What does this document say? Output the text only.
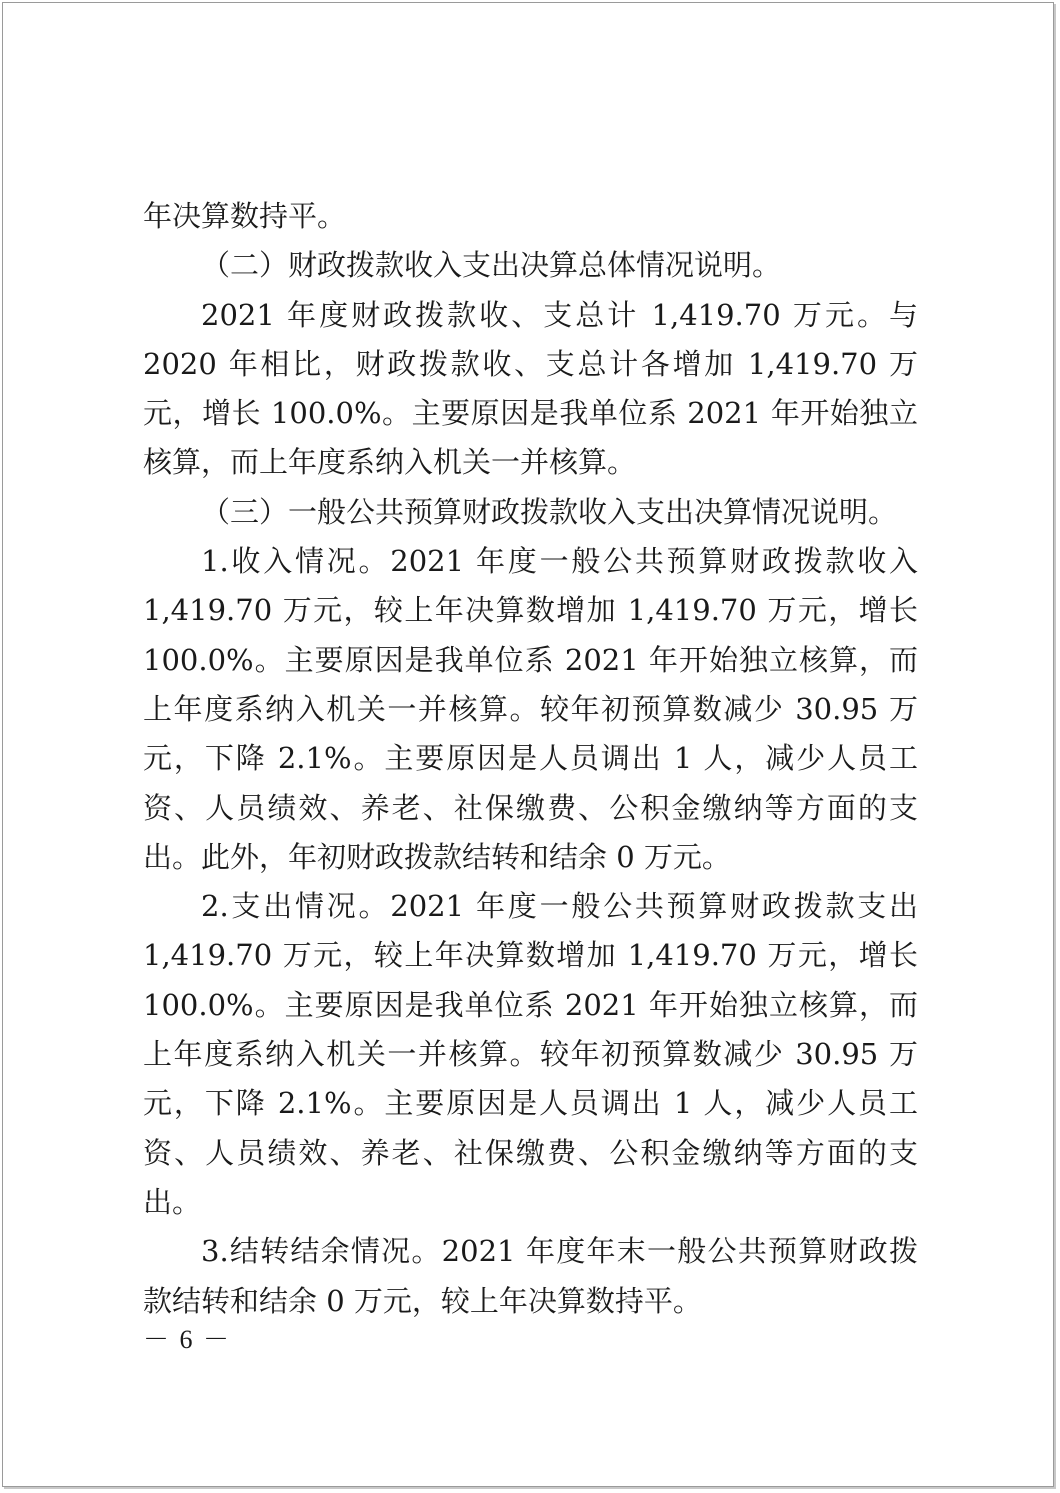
年决算数持平。

（二）财政拨款收入支出决算总体情况说明。

2021 年度财政拨款收、支总计 1,419.70 万元。与 2020 年相比，财政拨款收、支总计各增加 1,419.70 万元，增长 100.0%。主要原因是我单位系 2021 年开始独立核算，而上年度系纳入机关一并核算。

（三）一般公共预算财政拨款收入支出决算情况说明。

1.收入情况。2021 年度一般公共预算财政拨款收入 1,419.70 万元，较上年决算数增加 1,419.70 万元，增长 100.0%。主要原因是我单位系 2021 年开始独立核算，而上年度系纳入机关一并核算。较年初预算数减少 30.95 万元，下降 2.1%。主要原因是人员调出 1 人，减少人员工资、人员绩效、养老、社保缴费、公积金缴纳等方面的支出。此外，年初财政拨款结转和结余 0 万元。

2.支出情况。2021 年度一般公共预算财政拨款支出 1,419.70 万元，较上年决算数增加 1,419.70 万元，增长 100.0%。主要原因是我单位系 2021 年开始独立核算，而上年度系纳入机关一并核算。较年初预算数减少 30.95 万元，下降 2.1%。主要原因是人员调出 1 人，减少人员工资、人员绩效、养老、社保缴费、公积金缴纳等方面的支出。

3.结转结余情况。2021 年度年末一般公共预算财政拨款结转和结余 0 万元，较上年决算数持平。

－ 6 －
